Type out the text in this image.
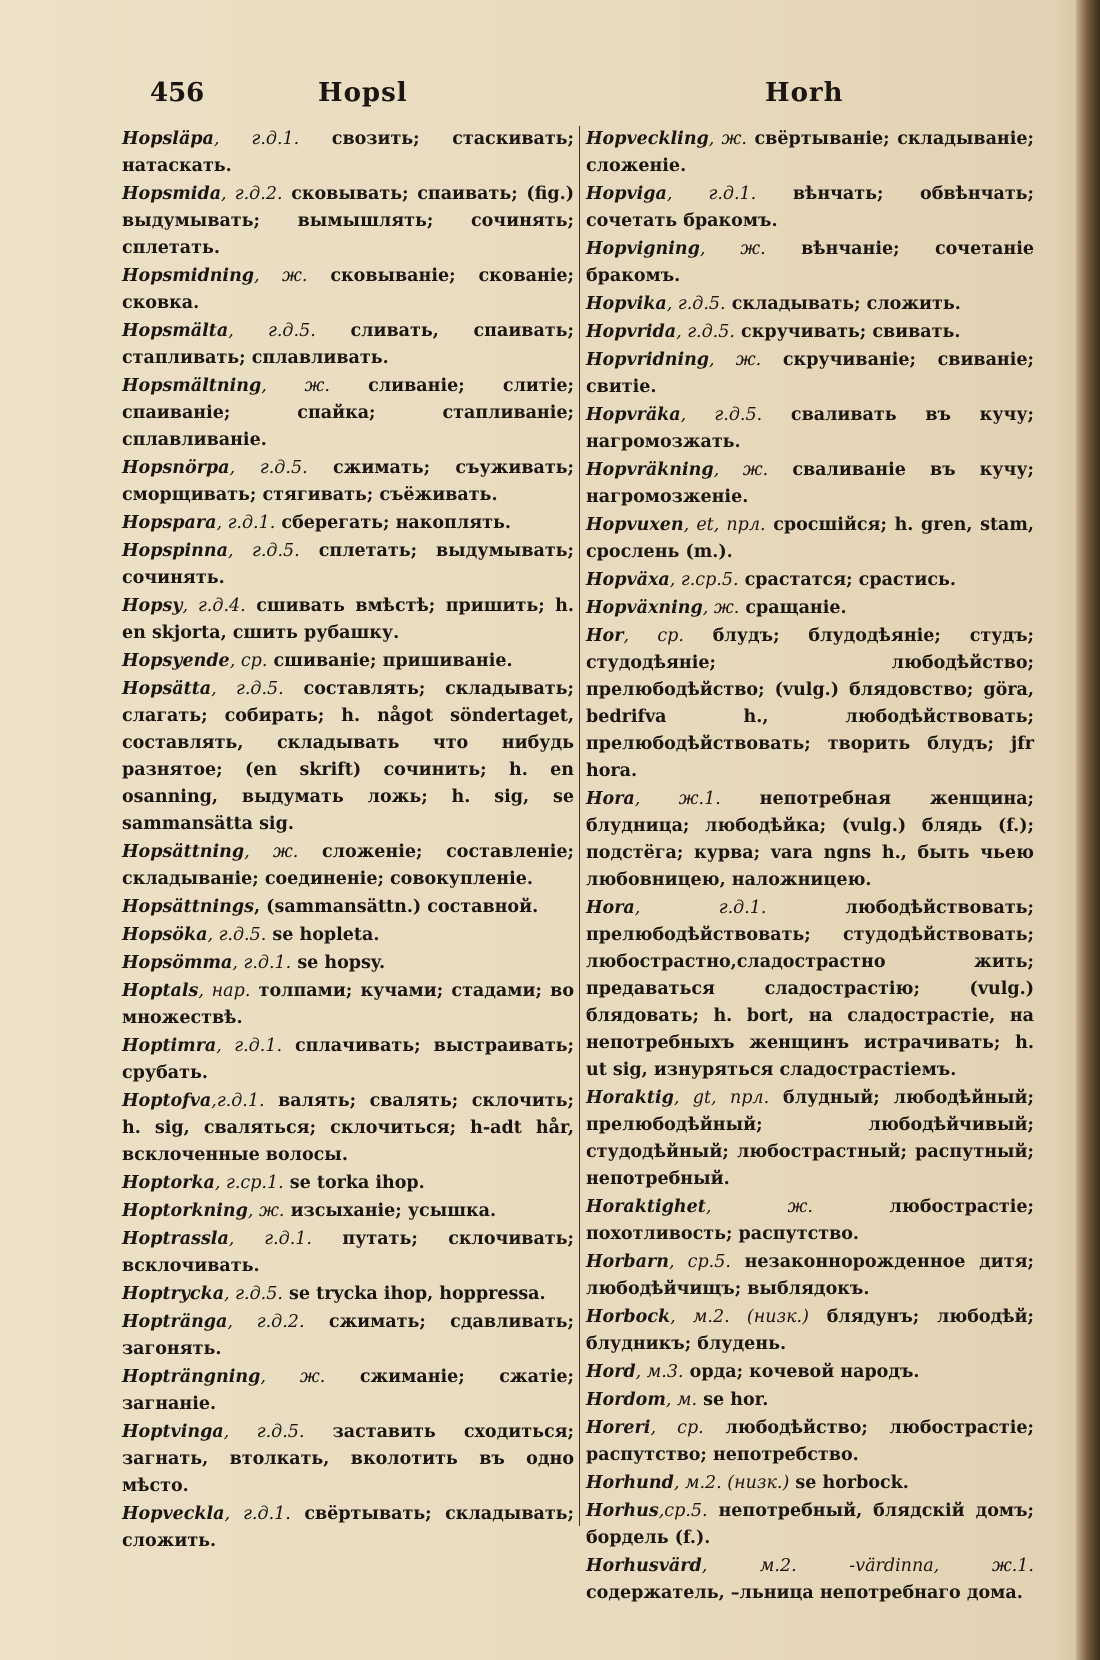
456	Hopsl	Horh
Hopsläpa, г.д.1. свозить; стаскивать; натаскать.
Hopsmida, г.д.2. сковывать; спаивать; (fig.) выдумывать; вымышлять; сочинять; сплетать.
Hopsmidning, ж. сковываніе; скованіе; сковка.
Hopsmälta, г.д.5. сливать, спаивать; стапливать; сплавливать.
Hopsmältning, ж. сливаніе; слитіе; спаиваніе; спайка; стапливаніе; сплавливаніе.
Hopsnörpa, г.д.5. сжимать; съуживать; сморщивать; стягивать; съёживать.
Hopspara, г.д.1. сберегать; накоплять.
Hopspinna, г.д.5. сплетать; выдумывать; сочинять.
Hopsy, г.д.4. сшивать вмѣстѣ; пришить; h. en skjorta, сшить рубашку.
Hopsyende, ср. сшиваніе; пришиваніе.
Hopsätta, г.д.5. составлять; складывать; слагать; собирать; h. något söndertaget, составлять, складывать что нибудь разнятое; (en skrift) сочинить; h. en osanning, выдумать ложь; h. sig, se sammansätta sig.
Hopsättning, ж. сложеніе; составленіе; складываніе; соединеніе; совокупленіе.
Hopsättnings, (sammansättn.) составной.
Hopsöka, г.д.5. se hopleta.
Hopsömma, г.д.1. se hopsy.
Hoptals, нар. толпами; кучами; стадами; во множествѣ.
Hoptimra, г.д.1. сплачивать; выстраивать; срубать.
Hoptofva,г.д.1. валять; свалять; склочить; h. sig, сваляться; склочиться; h-adt hår, всклоченные волосы.
Hoptorka, г.ср.1. se torka ihop.
Hoptorkning, ж. изсыханіе; усышка.
Hoptrassla, г.д.1. путать; склочивать; всклочивать.
Hoptrycka, г.д.5. se trycka ihop, hoppressa.
Hoptränga, г.д.2. сжимать; сдавливать; загонять.
Hopträngning, ж. сжиманіе; сжатіе; загнаніе.
Hoptvinga, г.д.5. заставить сходиться; загнать, втолкать, вколотить въ одно мѣсто.
Hopveckla, г.д.1. свёртывать; складывать; сложить.
Hopveckling, ж. свёртываніе; складываніе; сложеніе.
Hopviga, г.д.1. вѣнчать; обвѣнчать; сочетать бракомъ.
Hopvigning, ж. вѣнчаніе; сочетаніе бракомъ.
Hopvika, г.д.5. складывать; сложить.
Hopvrida, г.д.5. скручивать; свивать.
Hopvridning, ж. скручиваніе; свиваніе; свитіе.
Hopvräka, г.д.5. сваливать въ кучу; нагромозжать.
Hopvräkning, ж. сваливаніе въ кучу; нагромозженіе.
Hopvuxen, et, прл. сросшійся; h. gren, stam, срослень (m.).
Hopväxa, г.ср.5. срастатся; срастись.
Hopväxning, ж. сращаніе.
Hor, ср. блудъ; блудодѣяніе; студъ; студодѣяніе; любодѣйство; прелюбодѣйство; (vulg.) блядовство; göra, bedrifva h., любодѣйствовать; прелюбодѣйствовать; творить блудъ; jfr hora.
Hora, ж.1. непотребная женщина; блудница; любодѣйка; (vulg.) блядь (f.); подстёга; курва; vara ngns h., быть чьею любовницею, наложницею.
Hora, г.д.1. любодѣйствовать; прелюбодѣйствовать; студодѣйствовать; любострастно,сладострастно жить; предаваться сладострастію; (vulg.) блядовать; h. bort, на сладострастіе, на непотребныхъ женщинъ истрачивать; h. ut sig, изнуряться сладострастіемъ.
Horaktig, gt, прл. блудный; любодѣйный; прелюбодѣйный; любодѣйчивый; студодѣйный; любострастный; распутный; непотребный.
Horaktighet, ж. любострастіе; похотливость; распутство.
Horbarn, ср.5. незаконнорожденное дитя; любодѣйчищъ; выблядокъ.
Horbock, м.2. (низк.) блядунъ; любодѣй; блудникъ; блудень.
Hord, м.3. орда; кочевой народъ.
Hordom, м. se hor.
Horeri, ср. любодѣйство; любострастіе; распутство; непотребство.
Horhund, м.2. (низк.) se horbock.
Horhus,ср.5. непотребный, блядскій домъ; бордель (f.).
Horhusvärd, м.2. -värdinna, ж.1. содержатель, –льница непотребнаго дома.
